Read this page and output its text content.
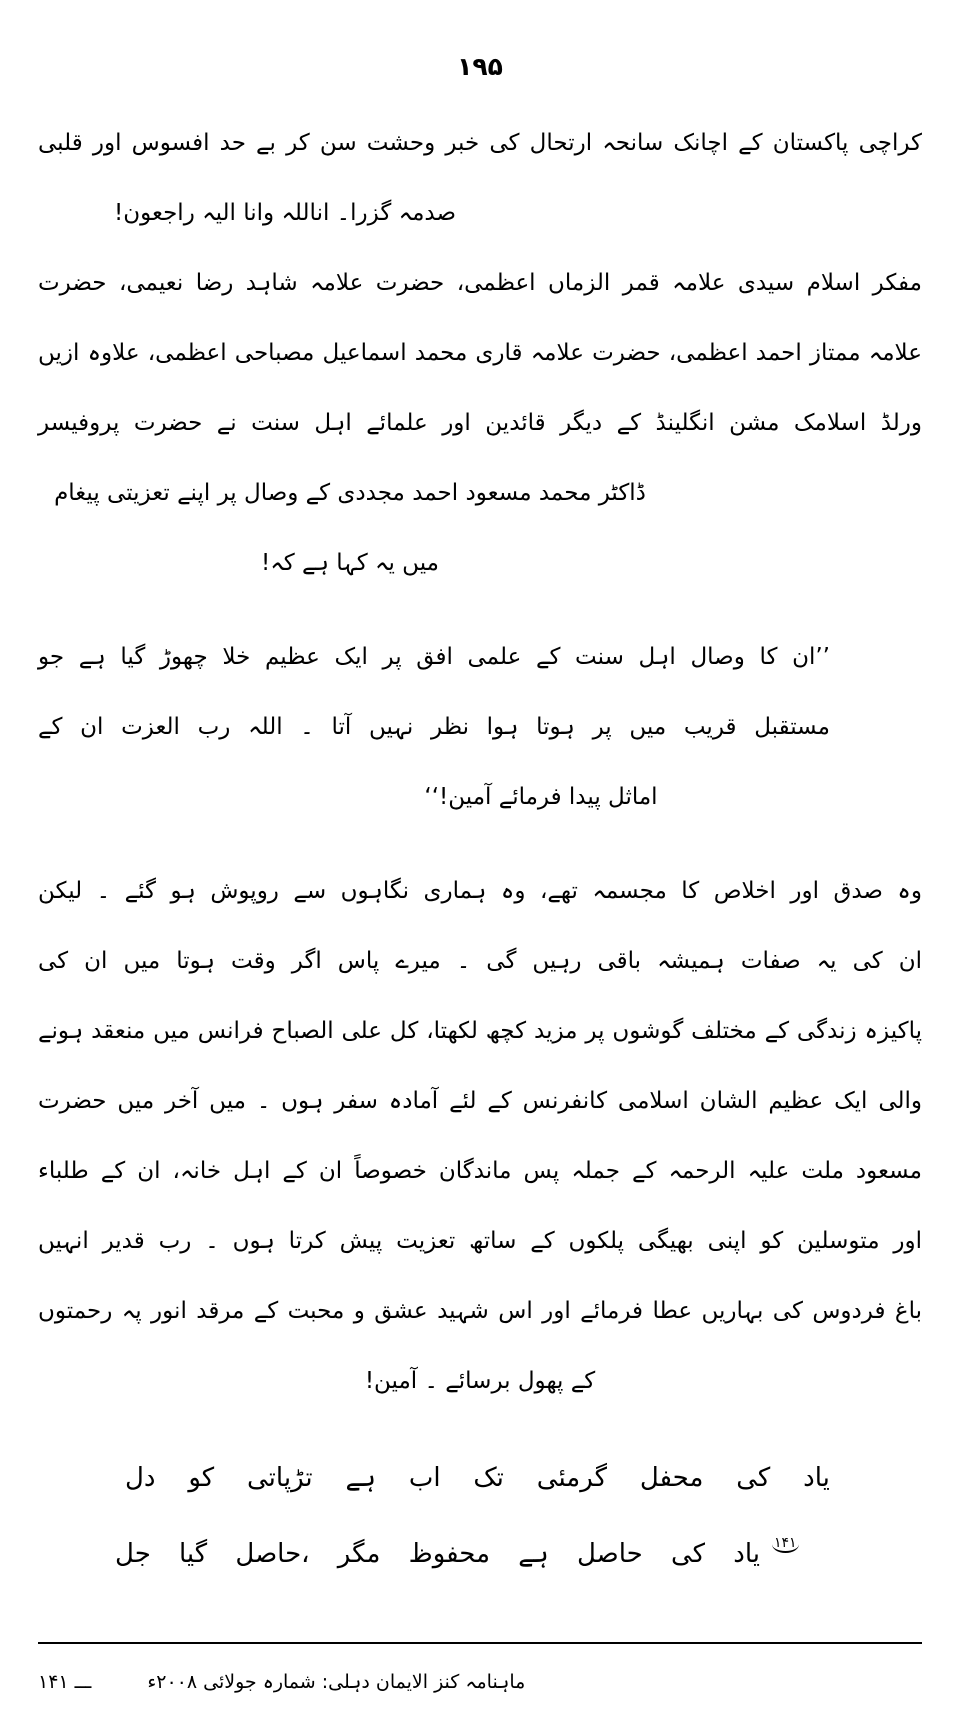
۱۹۵
کراچی پاکستان کے اچانک سانحہ ارتحال کی خبر وحشت سن کر بے حد افسوس اور قلبی
صدمہ گزرا۔ اناللہ وانا الیہ راجعون!
مفکر اسلام سیدی علامہ قمر الزماں اعظمی، حضرت علامہ شاہد رضا نعیمی، حضرت
علامہ ممتاز احمد اعظمی، حضرت علامہ قاری محمد اسماعیل مصباحی اعظمی، علاوہ ازیں
ورلڈ اسلامک مشن انگلینڈ کے دیگر قائدین اور علمائے اہل سنت نے حضرت پروفیسر
ڈاکٹر محمد مسعود احمد مجددی کے وصال پر اپنے تعزیتی پیغام میں یہ کہا ہے کہ!
’’ان کا وصال اہل سنت کے علمی افق پر ایک عظیم خلا چھوڑ گیا ہے جو
مستقبل قریب میں پر ہوتا ہوا نظر نہیں آتا ۔ اللہ رب العزت ان کے
اماثل پیدا فرمائے آمین!‘‘
وہ صدق اور اخلاص کا مجسمہ تھے، وہ ہماری نگاہوں سے روپوش ہو گئے ۔ لیکن
ان کی یہ صفات ہمیشہ باقی رہیں گی ۔ میرے پاس اگر وقت ہوتا میں ان کی
پاکیزہ زندگی کے مختلف گوشوں پر مزید کچھ لکھتا، کل علی الصباح فرانس میں منعقد ہونے
والی ایک عظیم الشان اسلامی کانفرنس کے لئے آمادہ سفر ہوں ۔ میں آخر میں حضرت
مسعود ملت علیہ الرحمہ کے جملہ پس ماندگان خصوصاً ان کے اہل خانہ، ان کے طلباء
اور متوسلین کو اپنی بھیگی پلکوں کے ساتھ تعزیت پیش کرتا ہوں ۔ رب قدیر انہیں
باغ فردوس کی بہاریں عطا فرمائے اور اس شہید عشق و محبت کے مرقد انور پہ رحمتوں
کے پھول برسائے ۔ آمین!
دل کو تڑپاتی ہے اب تک گرمئی محفل کی یاد
جل گیا حاصل، مگر محفوظ ہے حاصل کی یاد ۱۴۱
۱۴۱ ـــ	ماہنامہ کنز الایمان دہلی: شمارہ جولائی ۲۰۰۸ء
